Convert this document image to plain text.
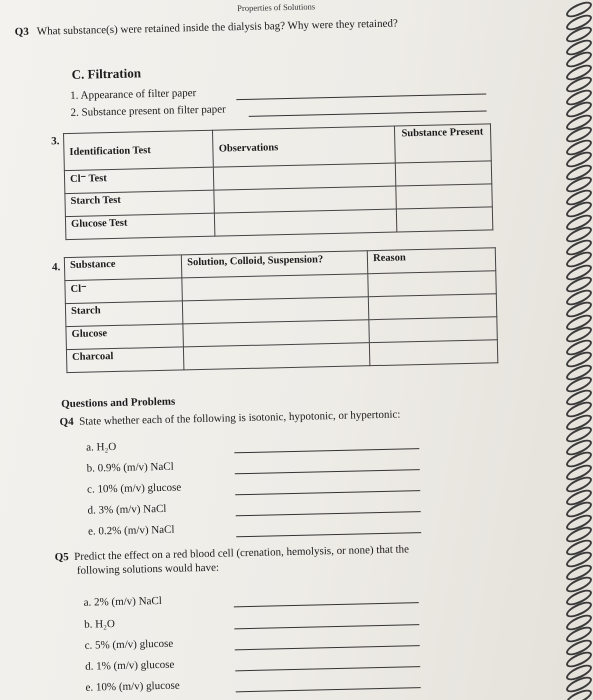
Properties of Solutions
Q3 What substance(s) were retained inside the dialysis bag? Why were they retained?
C. Filtration
1. Appearance of filter paper
2. Substance present on filter paper
3.
Identification Test	Observations	Substance Present
Cl⁻ Test		
Starch Test		
Glucose Test		
4. Substance	Solution, Colloid, Suspension?	Reason
Cl⁻		
Starch		
Glucose		
Charcoal		
Questions and Problems
Q4 State whether each of the following is isotonic, hypotonic, or hypertonic:
a. H₂O
b. 0.9% (m/v) NaCl
c. 10% (m/v) glucose
d. 3% (m/v) NaCl
e. 0.2% (m/v) NaCl
Q5 Predict the effect on a red blood cell (crenation, hemolysis, or none) that the
following solutions would have:
a. 2% (m/v) NaCl
b. H₂O
c. 5% (m/v) glucose
d. 1% (m/v) glucose
e. 10% (m/v) glucose
